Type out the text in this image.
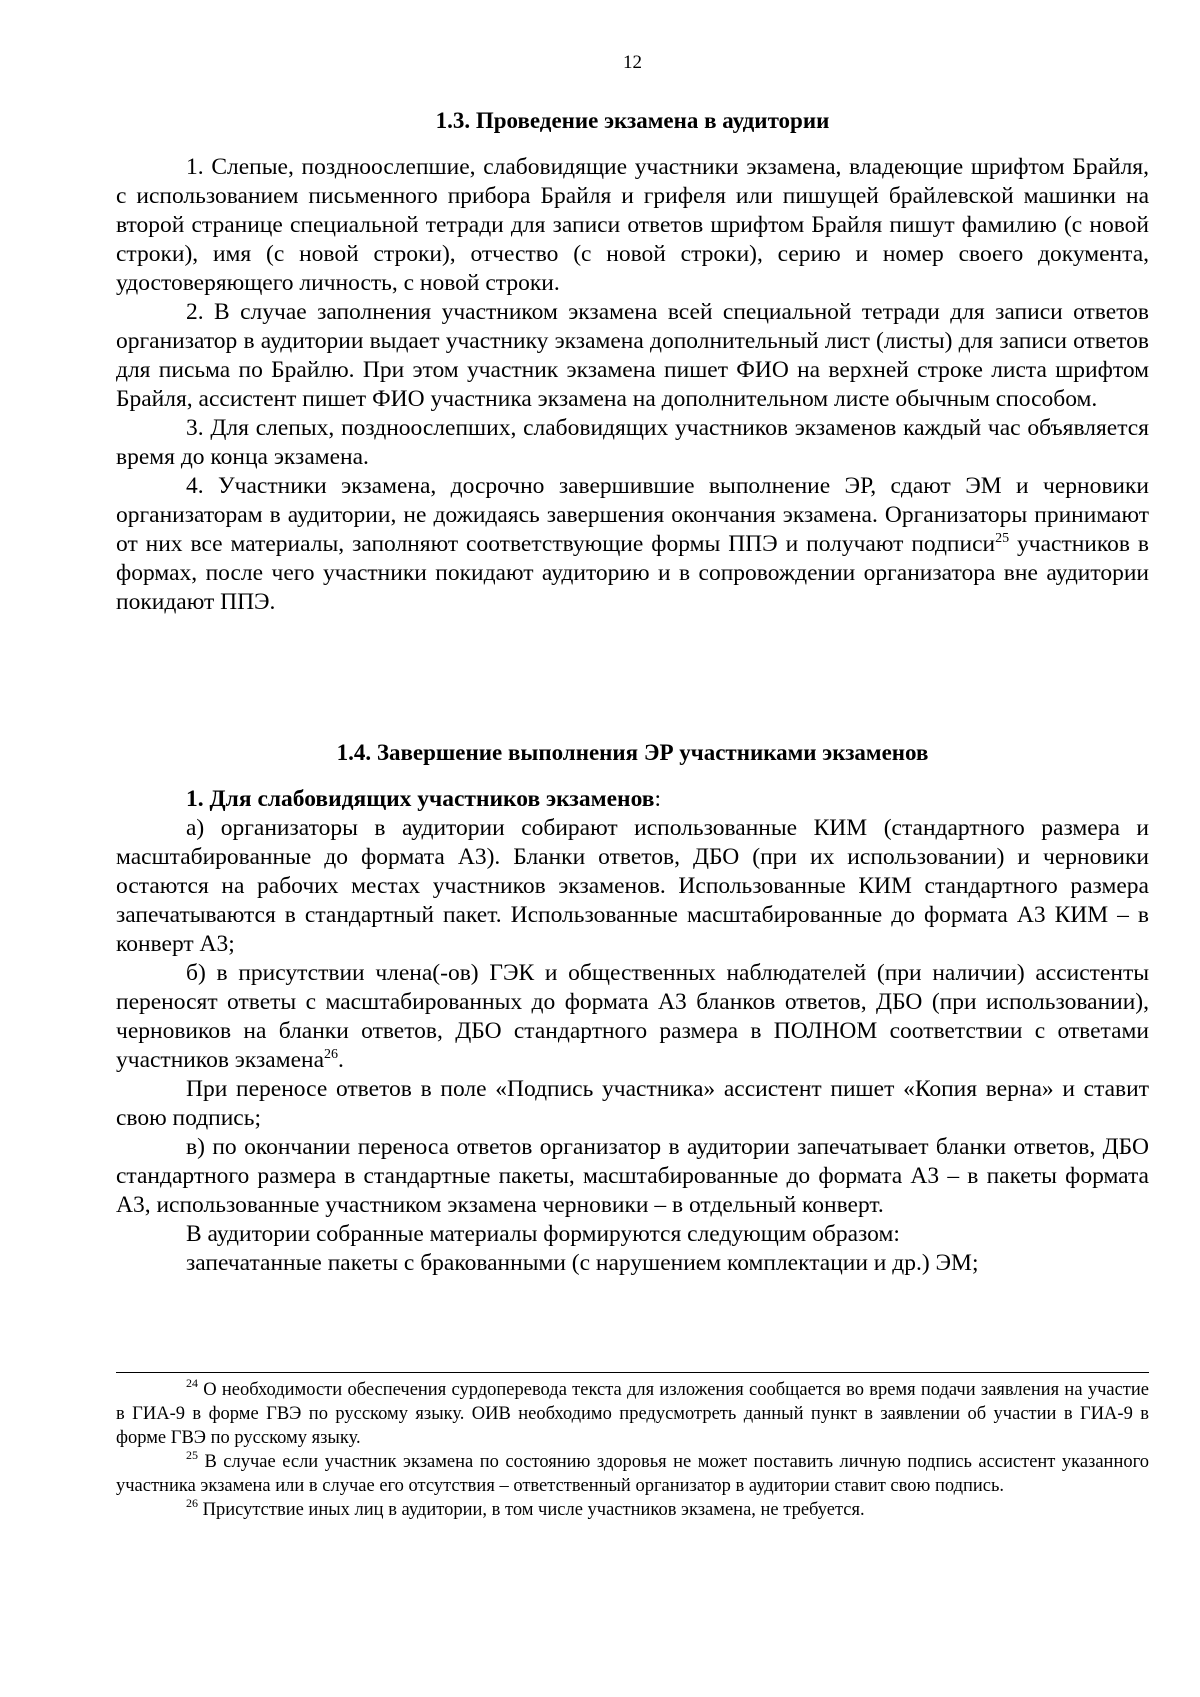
12
1.3. Проведение экзамена в аудитории

1. Слепые, поздноослепшие, слабовидящие участники экзамена, владеющие шрифтом Брайля, с использованием письменного прибора Брайля и грифеля или пишущей брайлевской машинки на второй странице специальной тетради для записи ответов шрифтом Брайля пишут фамилию (с новой строки), имя (с новой строки), отчество (с новой строки), серию и номер своего документа, удостоверяющего личность, с новой строки.

2. В случае заполнения участником экзамена всей специальной тетради для записи ответов организатор в аудитории выдает участнику экзамена дополнительный лист (листы) для записи ответов для письма по Брайлю. При этом участник экзамена пишет ФИО на верхней строке листа шрифтом Брайля, ассистент пишет ФИО участника экзамена на дополнительном листе обычным способом.

3. Для слепых, поздноослепших, слабовидящих участников экзаменов каждый час объявляется время до конца экзамена.

4. Участники экзамена, досрочно завершившие выполнение ЭР, сдают ЭМ и черновики организаторам в аудитории, не дожидаясь завершения окончания экзамена. Организаторы принимают от них все материалы, заполняют соответствующие формы ППЭ и получают подписи$^{25}$ участников в формах, после чего участники покидают аудиторию и в сопровождении организатора вне аудитории покидают ППЭ.

1.4. Завершение выполнения ЭР участниками экзаменов

1. Для слабовидящих участников экзаменов:

а) организаторы в аудитории собирают использованные КИМ (стандартного размера и масштабированные до формата А3). Бланки ответов, ДБО (при их использовании) и черновики остаются на рабочих местах участников экзаменов. Использованные КИМ стандартного размера запечатываются в стандартный пакет. Использованные масштабированные до формата А3 КИМ – в конверт А3;

б) в присутствии члена(-ов) ГЭК и общественных наблюдателей (при наличии) ассистенты переносят ответы с масштабированных до формата А3 бланков ответов, ДБО (при использовании), черновиков на бланки ответов, ДБО стандартного размера в ПОЛНОМ соответствии с ответами участников экзамена$^{26}$.

При переносе ответов в поле «Подпись участника» ассистент пишет «Копия верна» и ставит свою подпись;

в) по окончании переноса ответов организатор в аудитории запечатывает бланки ответов, ДБО стандартного размера в стандартные пакеты, масштабированные до формата А3 – в пакеты формата А3, использованные участником экзамена черновики – в отдельный конверт.

В аудитории собранные материалы формируются следующим образом:

запечатанные пакеты с бракованными (с нарушением комплектации и др.) ЭМ;

$^{24}$ О необходимости обеспечения сурдоперевода текста для изложения сообщается во время подачи заявления на участие в ГИА-9 в форме ГВЭ по русскому языку. ОИВ необходимо предусмотреть данный пункт в заявлении об участии в ГИА-9 в форме ГВЭ по русскому языку.

$^{25}$ В случае если участник экзамена по состоянию здоровья не может поставить личную подпись ассистент указанного участника экзамена или в случае его отсутствия – ответственный организатор в аудитории ставит свою подпись.

$^{26}$ Присутствие иных лиц в аудитории, в том числе участников экзамена, не требуется.
